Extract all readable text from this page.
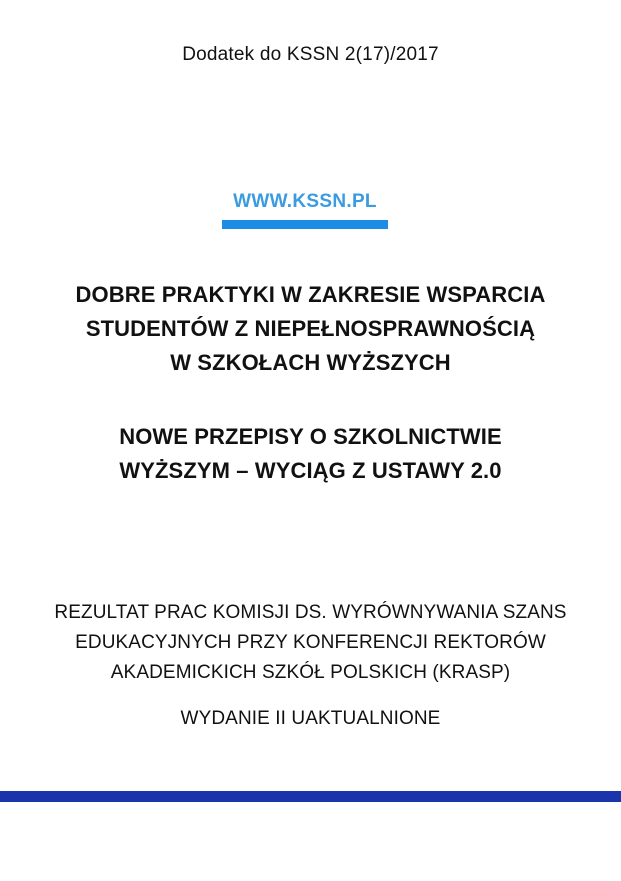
Dodatek do KSSN 2(17)/2017
WWW.KSSN.PL
DOBRE PRAKTYKI W ZAKRESIE WSPARCIA
STUDENTÓW Z NIEPEŁNOSPRAWNOŚCIĄ
W SZKOŁACH WYŻSZYCH
NOWE PRZEPISY O SZKOLNICTWIE
WYŻSZYM – WYCIĄG Z USTAWY 2.0
REZULTAT PRAC KOMISJI DS. WYRÓWNYWANIA SZANS
EDUKACYJNYCH PRZY KONFERENCJI REKTORÓW
AKADEMICKICH SZKÓŁ POLSKICH (KRASP)
WYDANIE II UAKTUALNIONE
